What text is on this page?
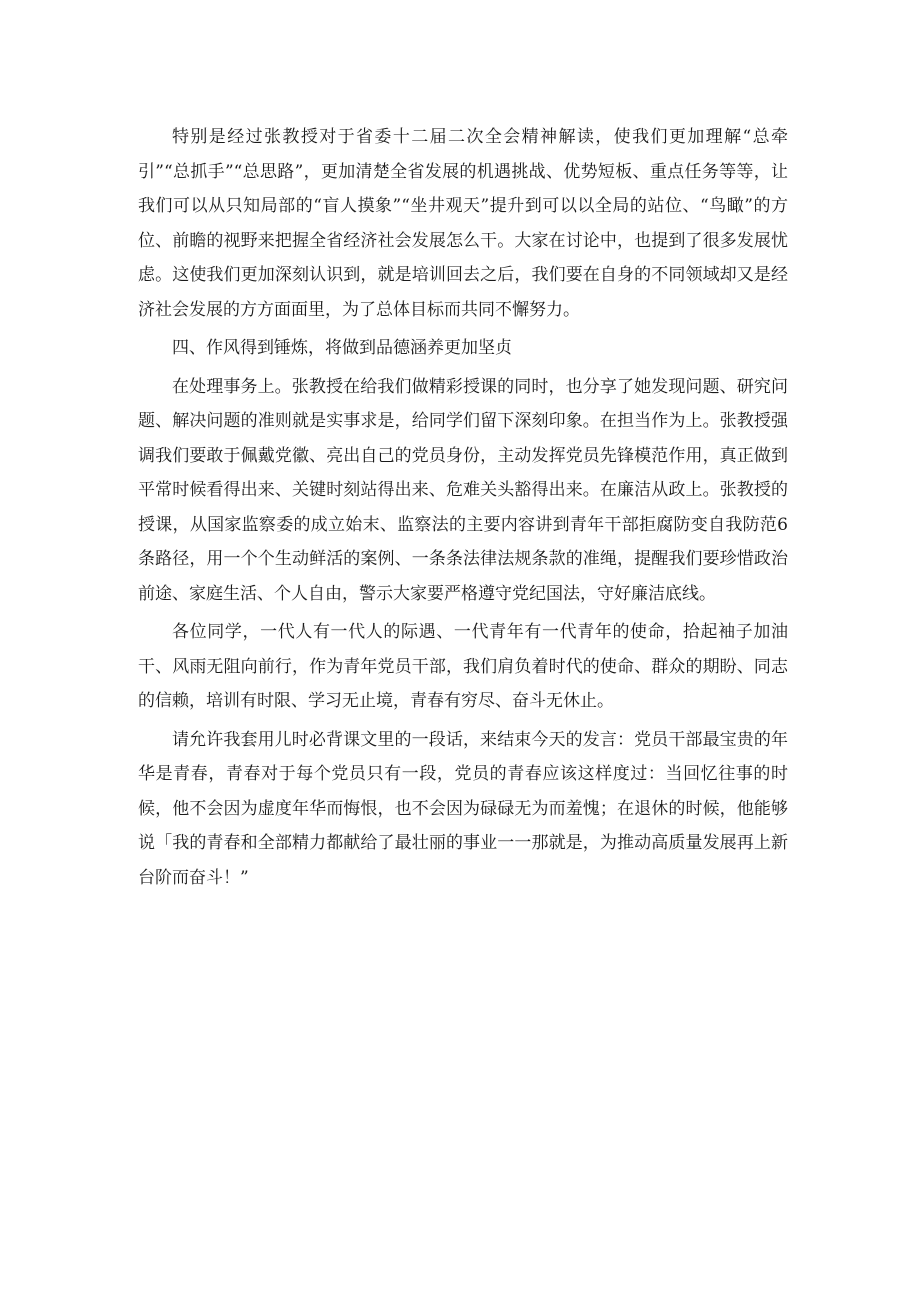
特别是经过张教授对于省委十二届二次全会精神解读，使我们更加理解“总牵引”“总抓手”“总思路”，更加清楚全省发展的机遇挑战、优势短板、重点任务等等，让我们可以从只知局部的“盲人摸象”“坐井观天”提升到可以以全局的站位、“鸟瞰”的方位、前瞻的视野来把握全省经济社会发展怎么干。大家在讨论中，也提到了很多发展忧虑。这使我们更加深刻认识到，就是培训回去之后，我们要在自身的不同领域却又是经济社会发展的方方面面里，为了总体目标而共同不懈努力。

四、作风得到锤炼，将做到品德涵养更加坚贞

在处理事务上。张教授在给我们做精彩授课的同时，也分享了她发现问题、研究问题、解决问题的准则就是实事求是，给同学们留下深刻印象。在担当作为上。张教授强调我们要敢于佩戴党徽、亮出自己的党员身份，主动发挥党员先锋模范作用，真正做到平常时候看得出来、关键时刻站得出来、危难关头豁得出来。在廉洁从政上。张教授的授课，从国家监察委的成立始末、监察法的主要内容讲到青年干部拒腐防变自我防范6条路径，用一个个生动鲜活的案例、一条条法律法规条款的准绳，提醒我们要珍惜政治前途、家庭生活、个人自由，警示大家要严格遵守党纪国法，守好廉洁底线。

各位同学，一代人有一代人的际遇、一代青年有一代青年的使命，拾起袖子加油干、风雨无阻向前行，作为青年党员干部，我们肩负着时代的使命、群众的期盼、同志的信赖，培训有时限、学习无止境，青春有穷尽、奋斗无休止。

请允许我套用儿时必背课文里的一段话，来结束今天的发言：党员干部最宝贵的年华是青春，青春对于每个党员只有一段，党员的青春应该这样度过：当回忆往事的时候，他不会因为虚度年华而悔恨，也不会因为碌碌无为而羞愧；在退休的时候，他能够说「我的青春和全部精力都献给了最壮丽的事业一一那就是，为推动高质量发展再上新台阶而奋斗！”
